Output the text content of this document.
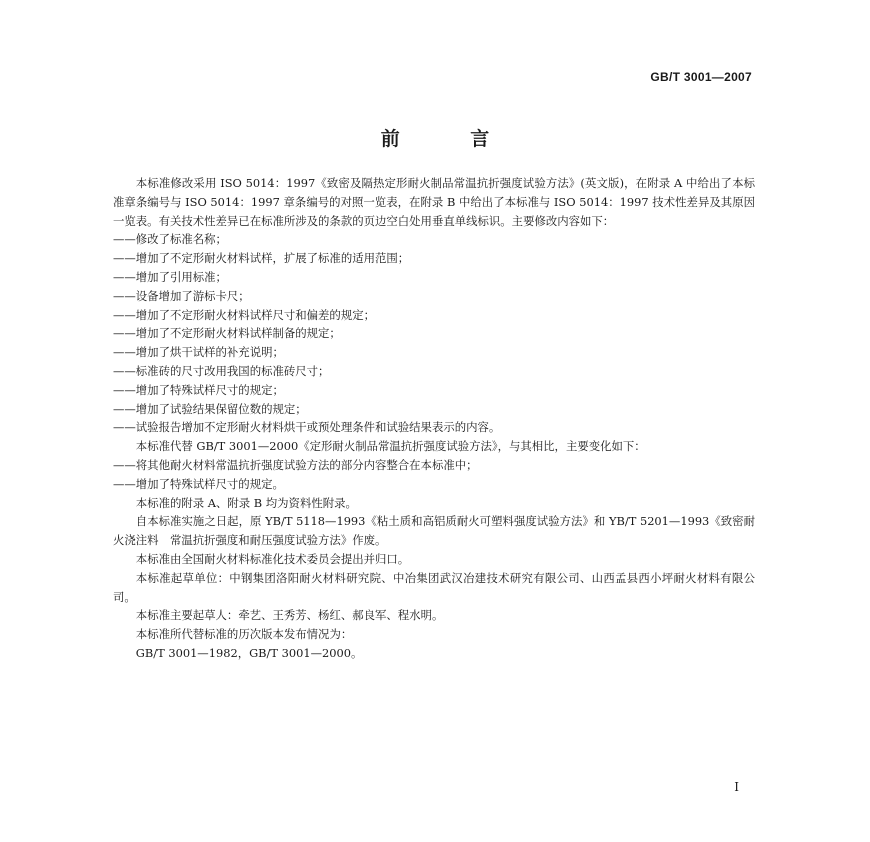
GB/T 3001—2007
前 言

本标准修改采用 ISO 5014：1997《致密及隔热定形耐火制品常温抗折强度试验方法》(英文版)，在附录 A 中给出了本标准章条编号与 ISO 5014：1997 章条编号的对照一览表，在附录 B 中给出了本标准与 ISO 5014：1997 技术性差异及其原因一览表。有关技术性差异已在标准所涉及的条款的页边空白处用垂直单线标识。主要修改内容如下：

——修改了标准名称；

——增加了不定形耐火材料试样，扩展了标准的适用范围；

——增加了引用标准；

——设备增加了游标卡尺；

——增加了不定形耐火材料试样尺寸和偏差的规定；

——增加了不定形耐火材料试样制备的规定；

——增加了烘干试样的补充说明；

——标准砖的尺寸改用我国的标准砖尺寸；

——增加了特殊试样尺寸的规定；

——增加了试验结果保留位数的规定；

——试验报告增加不定形耐火材料烘干或预处理条件和试验结果表示的内容。

本标准代替 GB/T 3001—2000《定形耐火制品常温抗折强度试验方法》，与其相比，主要变化如下：

——将其他耐火材料常温抗折强度试验方法的部分内容整合在本标准中；

——增加了特殊试样尺寸的规定。

本标准的附录 A、附录 B 均为资料性附录。

自本标准实施之日起，原 YB/T 5118—1993《粘土质和高铝质耐火可塑料强度试验方法》和 YB/T 5201—1993《致密耐火浇注料　常温抗折强度和耐压强度试验方法》作废。

本标准由全国耐火材料标准化技术委员会提出并归口。

本标准起草单位：中钢集团洛阳耐火材料研究院、中冶集团武汉冶建技术研究有限公司、山西孟县西小坪耐火材料有限公司。

本标准主要起草人：牵艺、王秀芳、杨红、郝良军、程水明。

本标准所代替标准的历次版本发布情况为：

GB/T 3001—1982，GB/T 3001—2000。

I
